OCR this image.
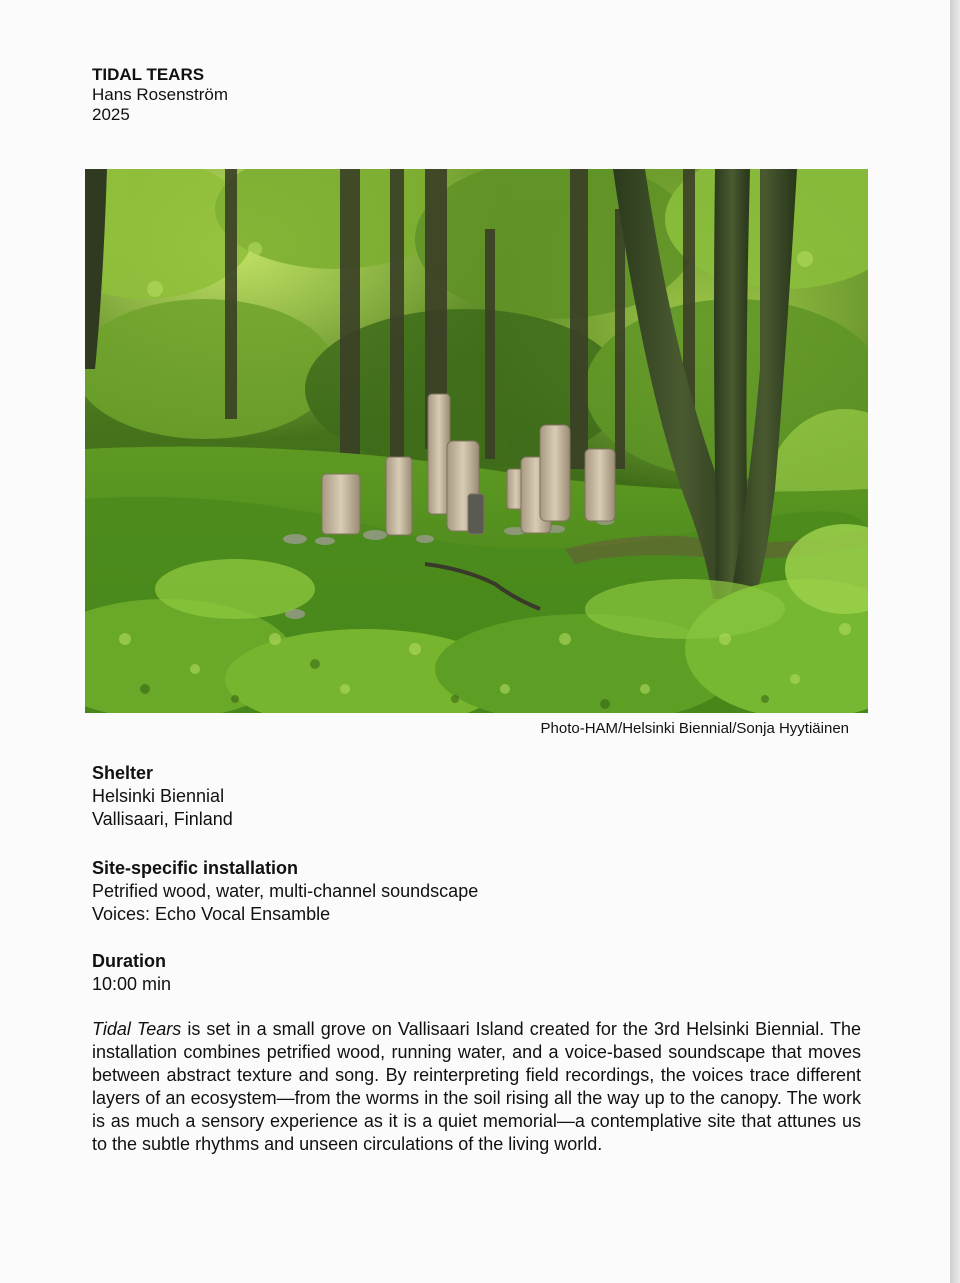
TIDAL TEARS
Hans Rosenström
2025
Photo-HAM/Helsinki Biennial/Sonja Hyytiäinen
Shelter
Helsinki Biennial
Vallisaari, Finland
Site-specific installation
Petrified wood, water, multi-channel soundscape
Voices: Echo Vocal Ensamble
Duration
10:00 min
Tidal Tears is set in a small grove on Vallisaari Island created for the 3rd Helsinki Biennial. The installation combines petrified wood, running water, and a voice-based soundscape that moves between abstract texture and song. By reinterpreting field recordings, the voices trace different layers of an ecosystem—from the worms in the soil rising all the way up to the canopy. The work is as much a sensory experience as it is a quiet memorial—a contemplative site that attunes us to the subtle rhythms and unseen circulations of the living world.
